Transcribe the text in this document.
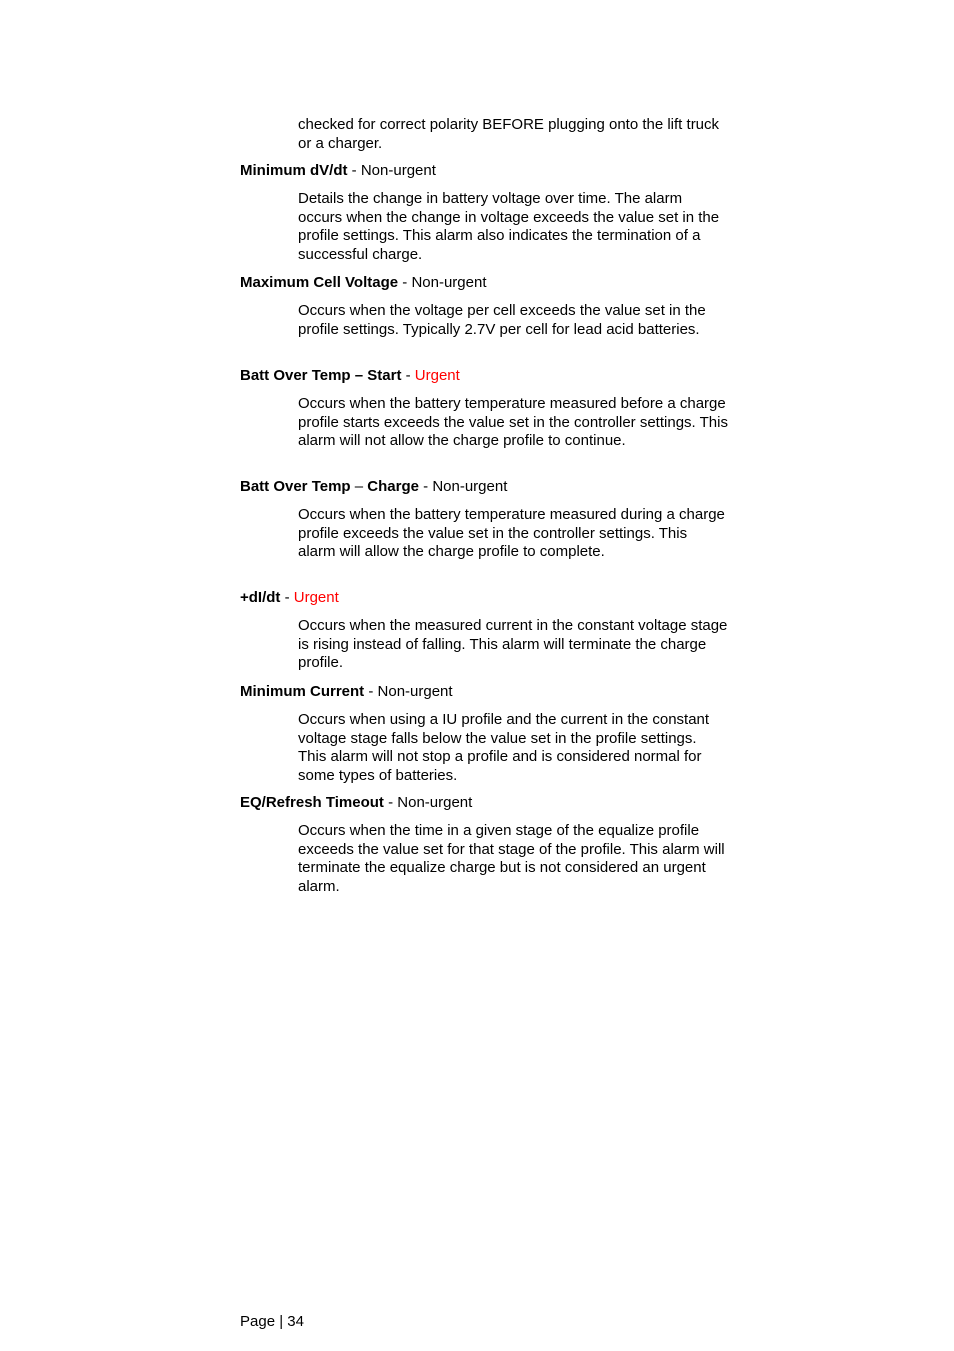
checked for correct polarity BEFORE plugging onto the lift truck or a charger.
Minimum dV/dt - Non-urgent
Details the change in battery voltage over time. The alarm occurs when the change in voltage exceeds the value set in the profile settings. This alarm also indicates the termination of a successful charge.
Maximum Cell Voltage - Non-urgent
Occurs when the voltage per cell exceeds the value set in the profile settings. Typically 2.7V per cell for lead acid batteries.
Batt Over Temp – Start - Urgent
Occurs when the battery temperature measured before a charge profile starts exceeds the value set in the controller settings. This alarm will not allow the charge profile to continue.
Batt Over Temp – Charge - Non-urgent
Occurs when the battery temperature measured during a charge profile exceeds the value set in the controller settings. This alarm will allow the charge profile to complete.
+dI/dt - Urgent
Occurs when the measured current in the constant voltage stage is rising instead of falling. This alarm will terminate the charge profile.
Minimum Current - Non-urgent
Occurs when using a IU profile and the current in the constant voltage stage falls below the value set in the profile settings. This alarm will not stop a profile and is considered normal for some types of batteries.
EQ/Refresh Timeout - Non-urgent
Occurs when the time in a given stage of the equalize profile exceeds the value set for that stage of the profile. This alarm will terminate the equalize charge but is not considered an urgent alarm.
Page | 34
